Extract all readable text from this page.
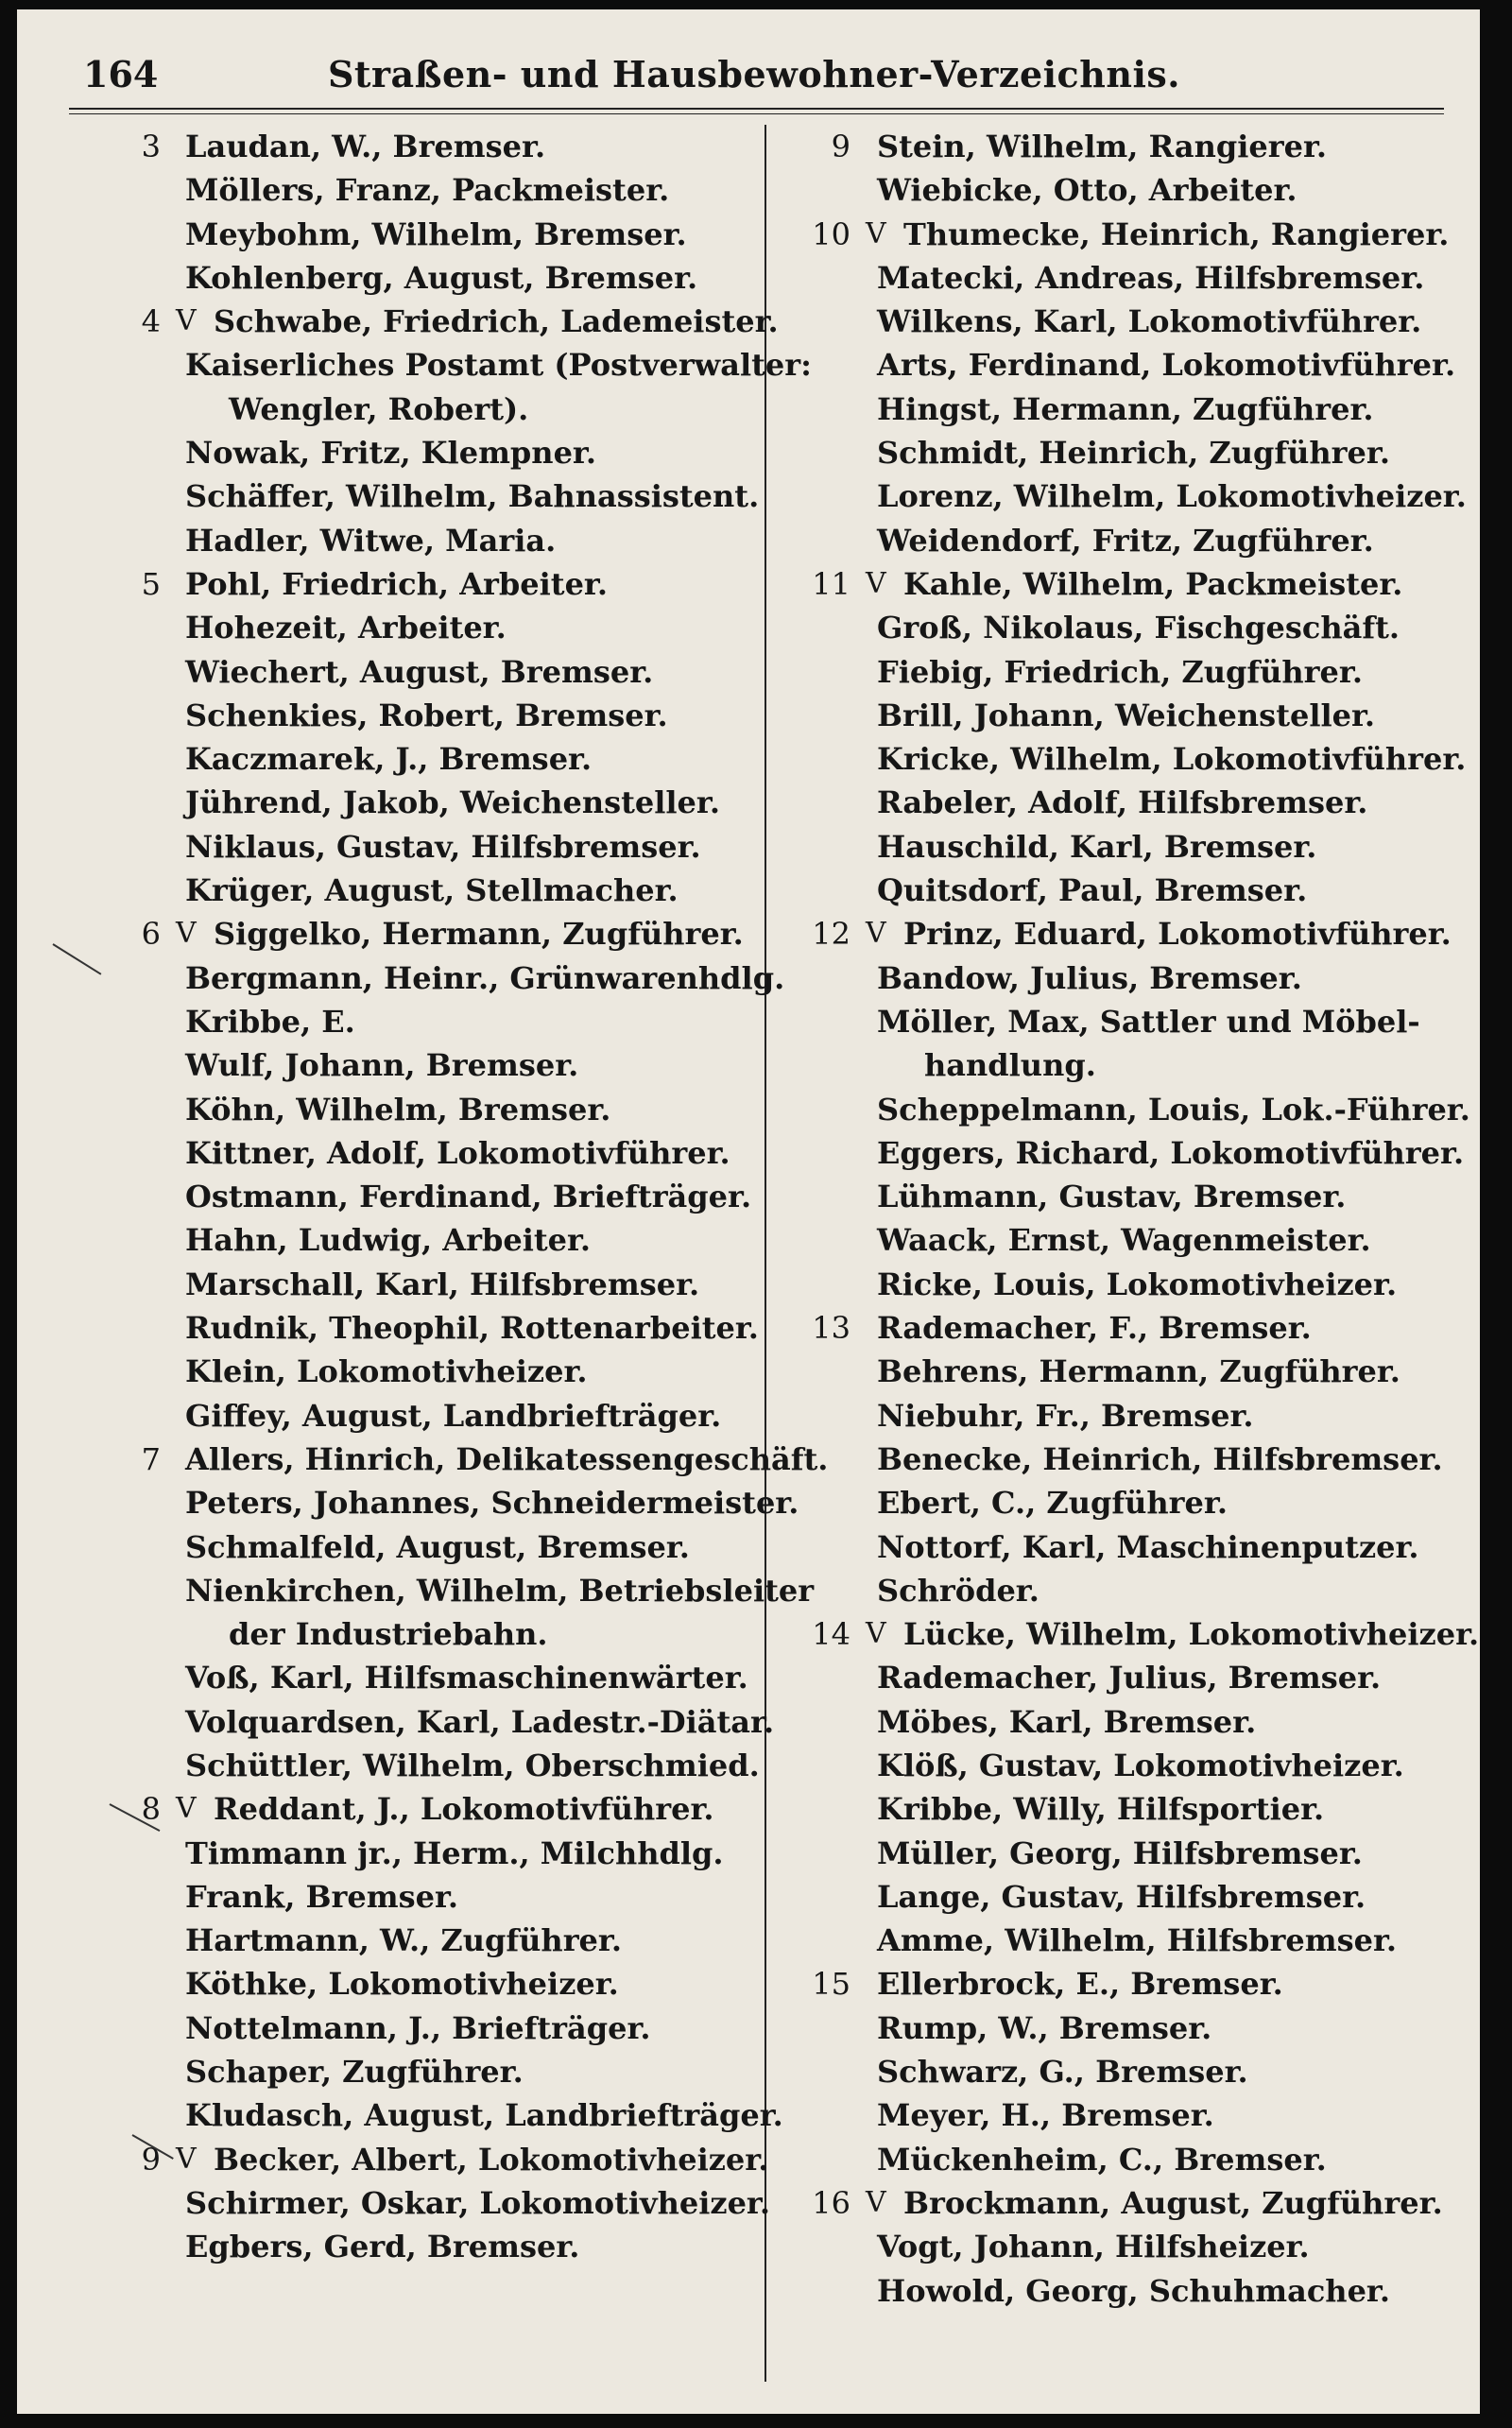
164	Straßen- und Hausbewohner-Verzeichnis.
3 Laudan, W., Bremser.
Möllers, Franz, Packmeister.
Meybohm, Wilhelm, Bremser.
Kohlenberg, August, Bremser.
4 V Schwabe, Friedrich, Lademeister.
Kaiserliches Postamt (Postverwalter:
Wengler, Robert).
Nowak, Fritz, Klempner.
Schäffer, Wilhelm, Bahnassistent.
Hadler, Witwe, Maria.
5 Pohl, Friedrich, Arbeiter.
Hohezeit, Arbeiter.
Wiechert, August, Bremser.
Schenkies, Robert, Bremser.
Kaczmarek, J., Bremser.
Jührend, Jakob, Weichensteller.
Niklaus, Gustav, Hilfsbremser.
Krüger, August, Stellmacher.
6 V Siggelko, Hermann, Zugführer.
Bergmann, Heinr., Grünwarenhdlg.
Kribbe, E.
Wulf, Johann, Bremser.
Köhn, Wilhelm, Bremser.
Kittner, Adolf, Lokomotivführer.
Ostmann, Ferdinand, Briefträger.
Hahn, Ludwig, Arbeiter.
Marschall, Karl, Hilfsbremser.
Rudnik, Theophil, Rottenarbeiter.
Klein, Lokomotivheizer.
Giffey, August, Landbriefträger.
7 Allers, Hinrich, Delikatessengeschäft.
Peters, Johannes, Schneidermeister.
Schmalfeld, August, Bremser.
Nienkirchen, Wilhelm, Betriebsleiter
der Industriebahn.
Voß, Karl, Hilfsmaschinenwärter.
Volquardsen, Karl, Ladestr.-Diätar.
Schüttler, Wilhelm, Oberschmied.
8 V Reddant, J., Lokomotivführer.
Timmann jr., Herm., Milchhdlg.
Frank, Bremser.
Hartmann, W., Zugführer.
Köthke, Lokomotivheizer.
Nottelmann, J., Briefträger.
Schaper, Zugführer.
Kludasch, August, Landbriefträger.
9 V Becker, Albert, Lokomotivheizer.
Schirmer, Oskar, Lokomotivheizer.
Egbers, Gerd, Bremser.
9 Stein, Wilhelm, Rangierer.
Wiebicke, Otto, Arbeiter.
10 V Thumecke, Heinrich, Rangierer.
Matecki, Andreas, Hilfsbremser.
Wilkens, Karl, Lokomotivführer.
Arts, Ferdinand, Lokomotivführer.
Hingst, Hermann, Zugführer.
Schmidt, Heinrich, Zugführer.
Lorenz, Wilhelm, Lokomotivheizer.
Weidendorf, Fritz, Zugführer.
11 V Kahle, Wilhelm, Packmeister.
Groß, Nikolaus, Fischgeschäft.
Fiebig, Friedrich, Zugführer.
Brill, Johann, Weichensteller.
Kricke, Wilhelm, Lokomotivführer.
Rabeler, Adolf, Hilfsbremser.
Hauschild, Karl, Bremser.
Quitsdorf, Paul, Bremser.
12 V Prinz, Eduard, Lokomotivführer.
Bandow, Julius, Bremser.
Möller, Max, Sattler und Möbel-
handlung.
Scheppelmann, Louis, Lok.-Führer.
Eggers, Richard, Lokomotivführer.
Lühmann, Gustav, Bremser.
Waack, Ernst, Wagenmeister.
Ricke, Louis, Lokomotivheizer.
13 Rademacher, F., Bremser.
Behrens, Hermann, Zugführer.
Niebuhr, Fr., Bremser.
Benecke, Heinrich, Hilfsbremser.
Ebert, C., Zugführer.
Nottorf, Karl, Maschinenputzer.
Schröder.
14 V Lücke, Wilhelm, Lokomotivheizer.
Rademacher, Julius, Bremser.
Möbes, Karl, Bremser.
Klöß, Gustav, Lokomotivheizer.
Kribbe, Willy, Hilfsportier.
Müller, Georg, Hilfsbremser.
Lange, Gustav, Hilfsbremser.
Amme, Wilhelm, Hilfsbremser.
15 Ellerbrock, E., Bremser.
Rump, W., Bremser.
Schwarz, G., Bremser.
Meyer, H., Bremser.
Mückenheim, C., Bremser.
16 V Brockmann, August, Zugführer.
Vogt, Johann, Hilfsheizer.
Howold, Georg, Schuhmacher.
